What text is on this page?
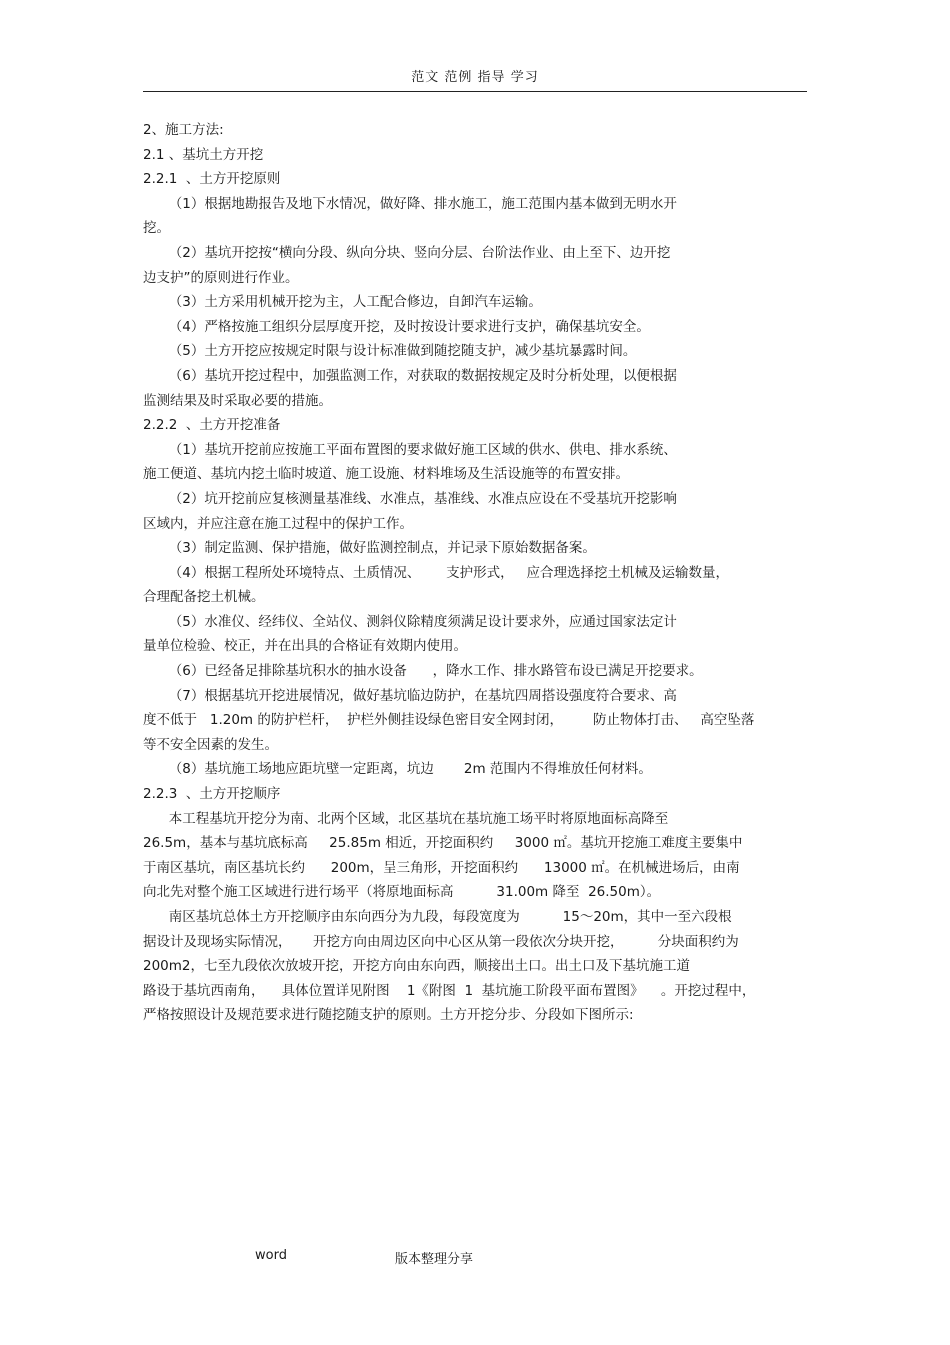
范文 范例 指导 学习
2、施工方法:
2.1 、基坑土方开挖
2.2.1  、土方开挖原则
（1）根据地勘报告及地下水情况，做好降、排水施工，施工范围内基本做到无明水开
挖。
（2）基坑开挖按“横向分段、纵向分块、竖向分层、台阶法作业、由上至下、边开挖
边支护”的原则进行作业。
（3）土方采用机械开挖为主，人工配合修边，自卸汽车运输。
（4）严格按施工组织分层厚度开挖，及时按设计要求进行支护，确保基坑安全。
（5）土方开挖应按规定时限与设计标准做到随挖随支护，减少基坑暴露时间。
（6）基坑开挖过程中，加强监测工作，对获取的数据按规定及时分析处理，以便根据
监测结果及时采取必要的措施。
2.2.2  、土方开挖准备
（1）基坑开挖前应按施工平面布置图的要求做好施工区域的供水、供电、排水系统、
施工便道、基坑内挖土临时坡道、施工设施、材料堆场及生活设施等的布置安排。
（2）坑开挖前应复核测量基准线、水准点，基准线、水准点应设在不受基坑开挖影响
区域内，并应注意在施工过程中的保护工作。
（3）制定监测、保护措施，做好监测控制点，并记录下原始数据备案。
（4）根据工程所处环境特点、土质情况、      支护形式，   应合理选择挖土机械及运输数量，
合理配备挖土机械。
（5）水准仪、经纬仪、全站仪、测斜仪除精度须满足设计要求外，应通过国家法定计
量单位检验、校正，并在出具的合格证有效期内使用。
（6）已经备足排除基坑积水的抽水设备      ，降水工作、排水路管布设已满足开挖要求。
（7）根据基坑开挖进展情况，做好基坑临边防护，在基坑四周搭设强度符合要求、高
度不低于   1.20m 的防护栏杆，  护栏外侧挂设绿色密目安全网封闭，       防止物体打击、   高空坠落
等不安全因素的发生。
（8）基坑施工场地应距坑壁一定距离，坑边       2m 范围内不得堆放任何材料。
2.2.3  、土方开挖顺序
本工程基坑开挖分为南、北两个区域，北区基坑在基坑施工场平时将原地面标高降至
26.5m，基本与基坑底标高     25.85m 相近，开挖面积约     3000 ㎡。基坑开挖施工难度主要集中
于南区基坑，南区基坑长约      200m，呈三角形，开挖面积约      13000 ㎡。在机械进场后，由南
向北先对整个施工区域进行进行场平（将原地面标高          31.00m 降至  26.50m）。
南区基坑总体土方开挖顺序由东向西分为九段，每段宽度为          15～20m，其中一至六段根
据设计及现场实际情况，     开挖方向由周边区向中心区从第一段依次分块开挖，        分块面积约为
200m2，七至九段依次放坡开挖，开挖方向由东向西，顺接出土口。出土口及下基坑施工道
路设于基坑西南角，    具体位置详见附图    1《附图  1  基坑施工阶段平面布置图》    。开挖过程中，
严格按照设计及规范要求进行随挖随支护的原则。土方开挖分步、分段如下图所示:
word	版本整理分享
